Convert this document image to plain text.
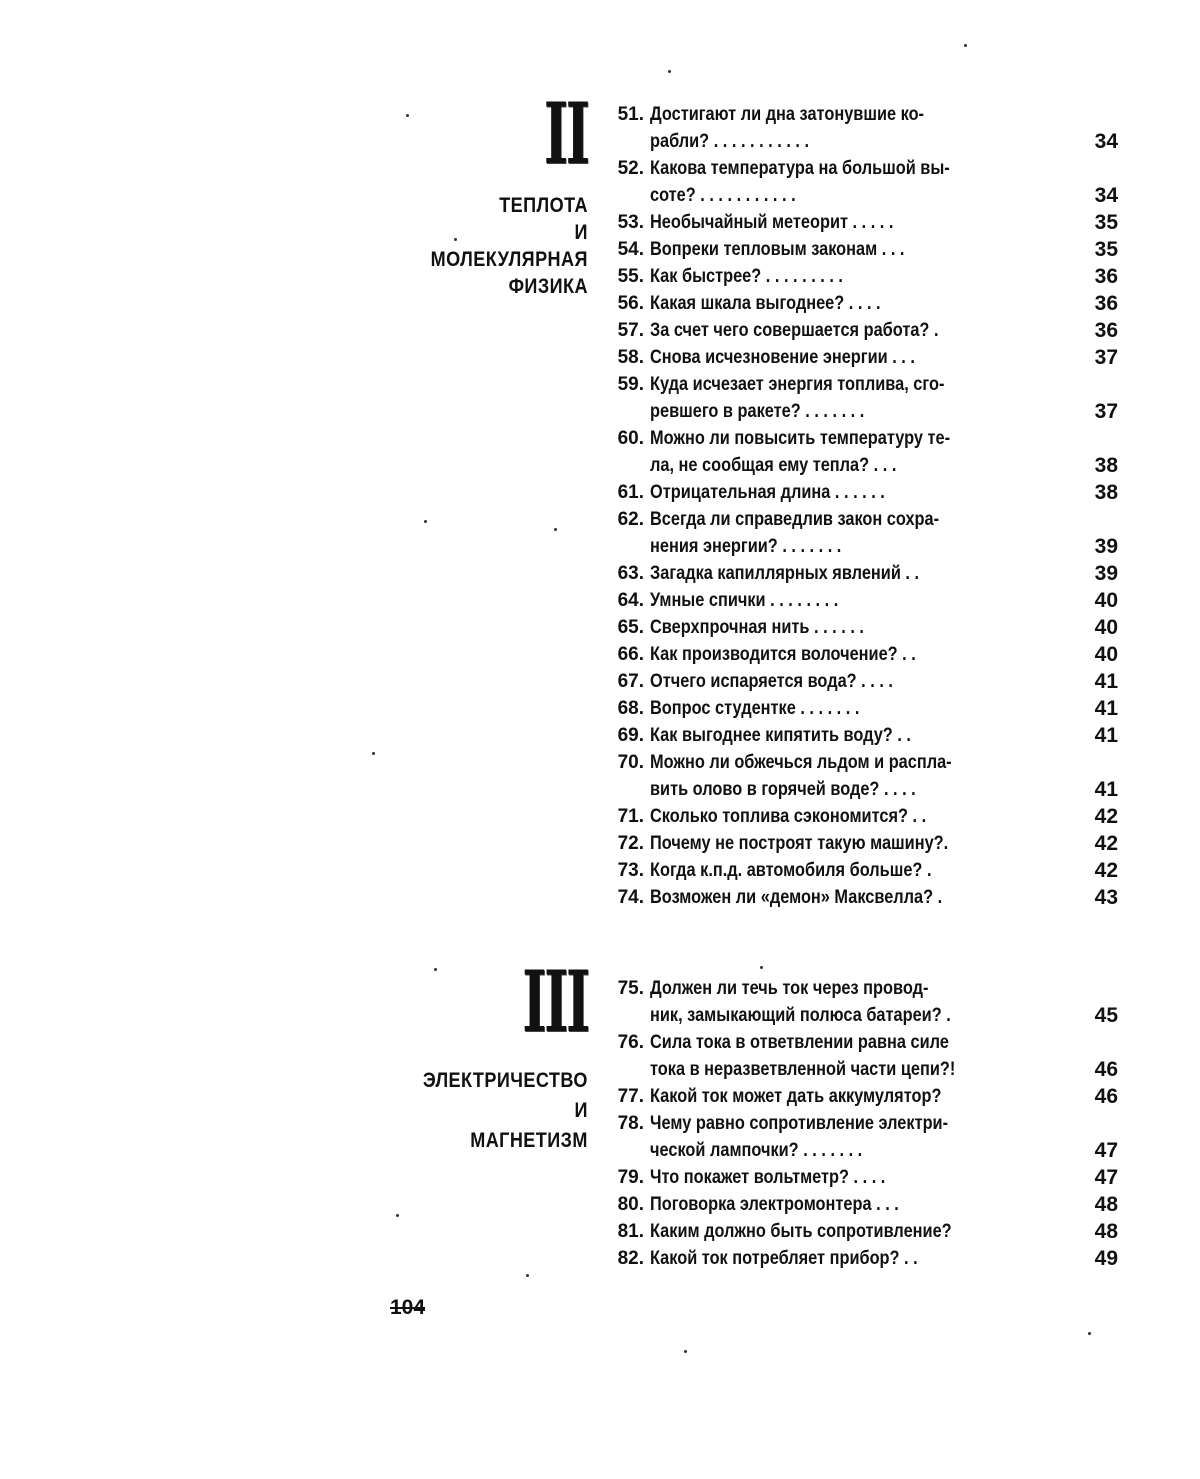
II
ТЕПЛОТА
И
МОЛЕКУЛЯРНАЯ
ФИЗИКА
51. Достигают ли дна затонувшие ко-
рабли? . . . . . . . . . . .	34
52. Какова температура на большой вы-
соте? . . . . . . . . . . .	34
53. Необычайный метеорит . . . . .	35
54. Вопреки тепловым законам . . .	35
55. Как быстрее? . . . . . . . . .	36
56. Какая шкала выгоднее? . . . .	36
57. За счет чего совершается работа? .	36
58. Снова исчезновение энергии . . .	37
59. Куда исчезает энергия топлива, сго-
ревшего в ракете? . . . . . . .	37
60. Можно ли повысить температуру те-
ла, не сообщая ему тепла? . . .	38
61. Отрицательная длина . . . . . .	38
62. Всегда ли справедлив закон сохра-
нения энергии? . . . . . . .	39
63. Загадка капиллярных явлений . .	39
64. Умные спички . . . . . . . .	40
65. Сверхпрочная нить . . . . . .	40
66. Как производится волочение? . .	40
67. Отчего испаряется вода? . . . .	41
68. Вопрос студентке . . . . . . .	41
69. Как выгоднее кипятить воду? . .	41
70. Можно ли обжечься льдом и распла-
вить олово в горячей воде? . . . .	41
71. Сколько топлива сэкономится? . .	42
72. Почему не построят такую машину?.	42
73. Когда к.п.д. автомобиля больше? .	42
74. Возможен ли «демон» Максвелла? .	43
III
ЭЛЕКТРИЧЕСТВО
И
МАГНЕТИЗМ
75. Должен ли течь ток через провод-
ник, замыкающий полюса батареи? .	45
76. Сила тока в ответвлении равна силе
тока в неразветвленной части цепи?!	46
77. Какой ток может дать аккумулятор?	46
78. Чему равно сопротивление электри-
ческой лампочки? . . . . . . .	47
79. Что покажет вольтметр? . . . .	47
80. Поговорка электромонтера . . .	48
81. Каким должно быть сопротивление?	48
82. Какой ток потребляет прибор? . .	49
104
